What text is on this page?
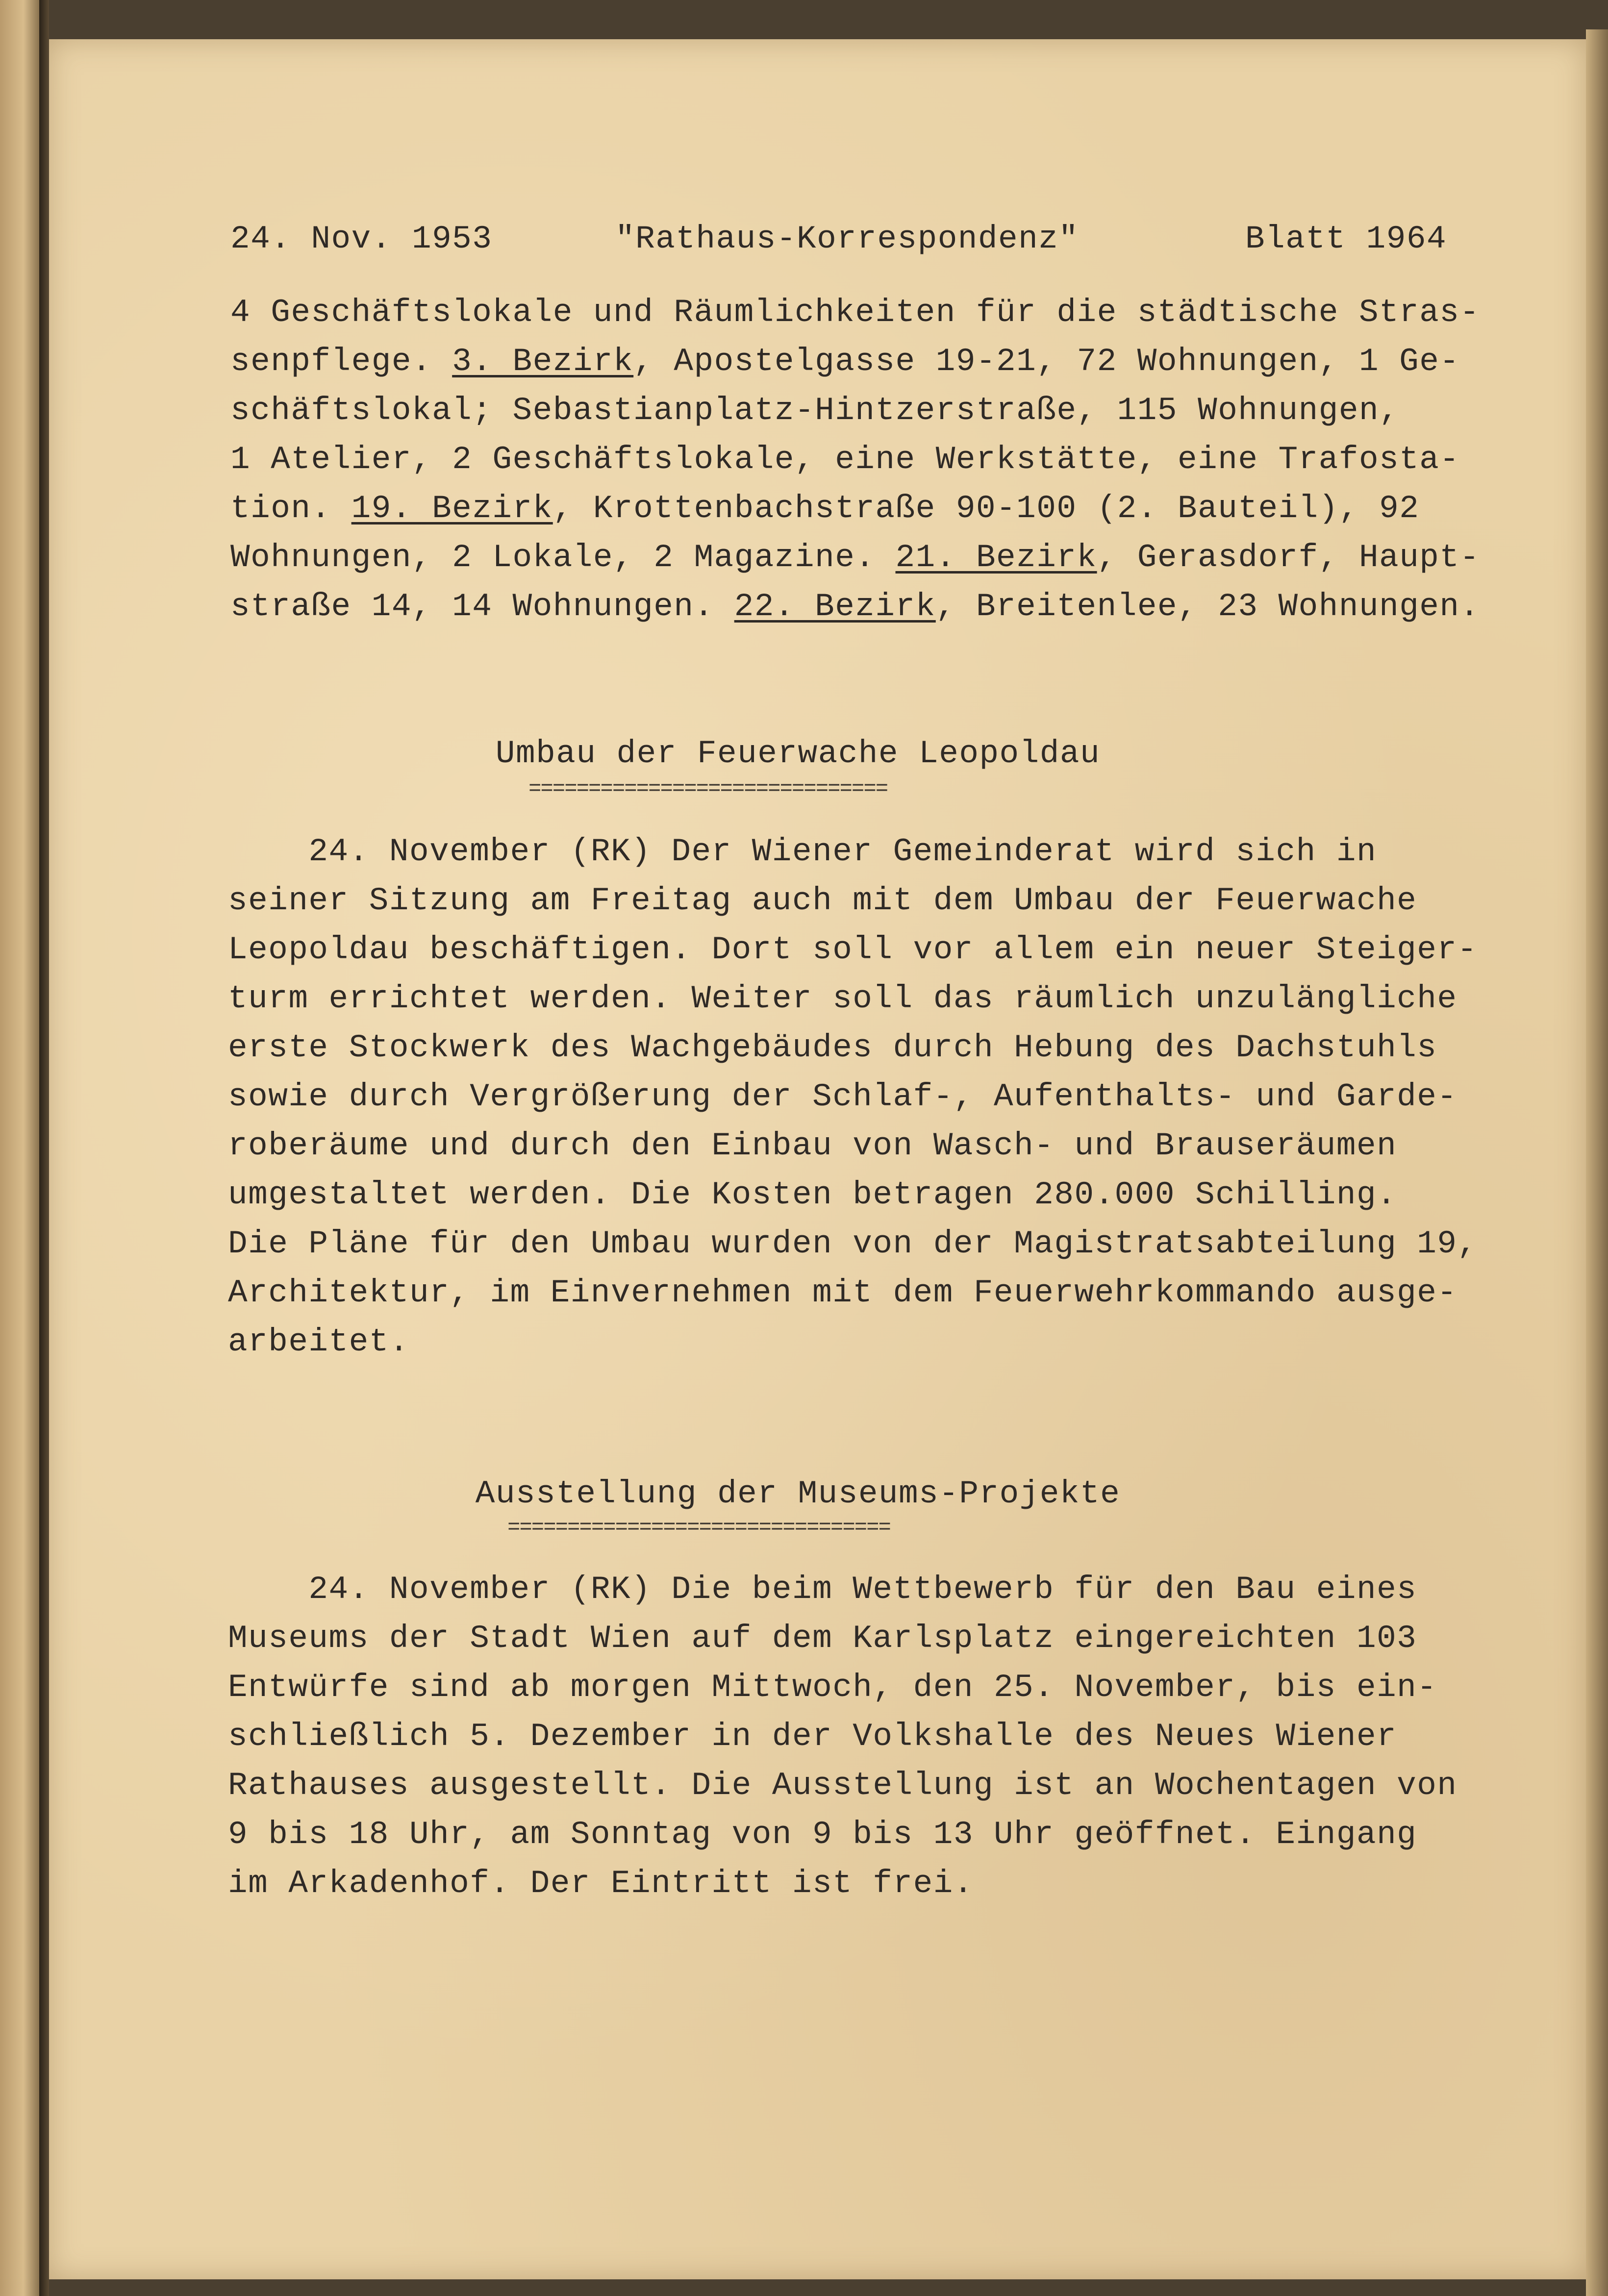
24. Nov. 1953

	"Rathaus-Korrespondenz"

	Blatt 1964

4 Geschäftslokale und Räumlichkeiten für die städtische Stras-

senpflege. 3. Bezirk, Apostelgasse 19-21, 72 Wohnungen, 1 Ge-

schäftslokal; Sebastianplatz-Hintzerstraße, 115 Wohnungen,

1 Atelier, 2 Geschäftslokale, eine Werkstätte, eine Trafosta-

tion. 19. Bezirk, Krottenbachstraße 90-100 (2. Bauteil), 92

Wohnungen, 2 Lokale, 2 Magazine. 21. Bezirk, Gerasdorf, Haupt-

straße 14, 14 Wohnungen. 22. Bezirk, Breitenlee, 23 Wohnungen.

Umbau der Feuerwache Leopoldau
==============================

24. November (RK) Der Wiener Gemeinderat wird sich in

seiner Sitzung am Freitag auch mit dem Umbau der Feuerwache

Leopoldau beschäftigen. Dort soll vor allem ein neuer Steiger-

turm errichtet werden. Weiter soll das räumlich unzulängliche

erste Stockwerk des Wachgebäudes durch Hebung des Dachstuhls

sowie durch Vergrößerung der Schlaf-, Aufenthalts- und Garde-

roberäume und durch den Einbau von Wasch- und Brauseräumen

umgestaltet werden. Die Kosten betragen 280.000 Schilling.

Die Pläne für den Umbau wurden von der Magistratsabteilung 19,

Architektur, im Einvernehmen mit dem Feuerwehrkommando ausge-

arbeitet.

Ausstellung der Museums-Projekte
================================

24. November (RK) Die beim Wettbewerb für den Bau eines

Museums der Stadt Wien auf dem Karlsplatz eingereichten 103

Entwürfe sind ab morgen Mittwoch, den 25. November, bis ein-

schließlich 5. Dezember in der Volkshalle des Neues Wiener

Rathauses ausgestellt. Die Ausstellung ist an Wochentagen von

9 bis 18 Uhr, am Sonntag von 9 bis 13 Uhr geöffnet. Eingang

im Arkadenhof. Der Eintritt ist frei.
